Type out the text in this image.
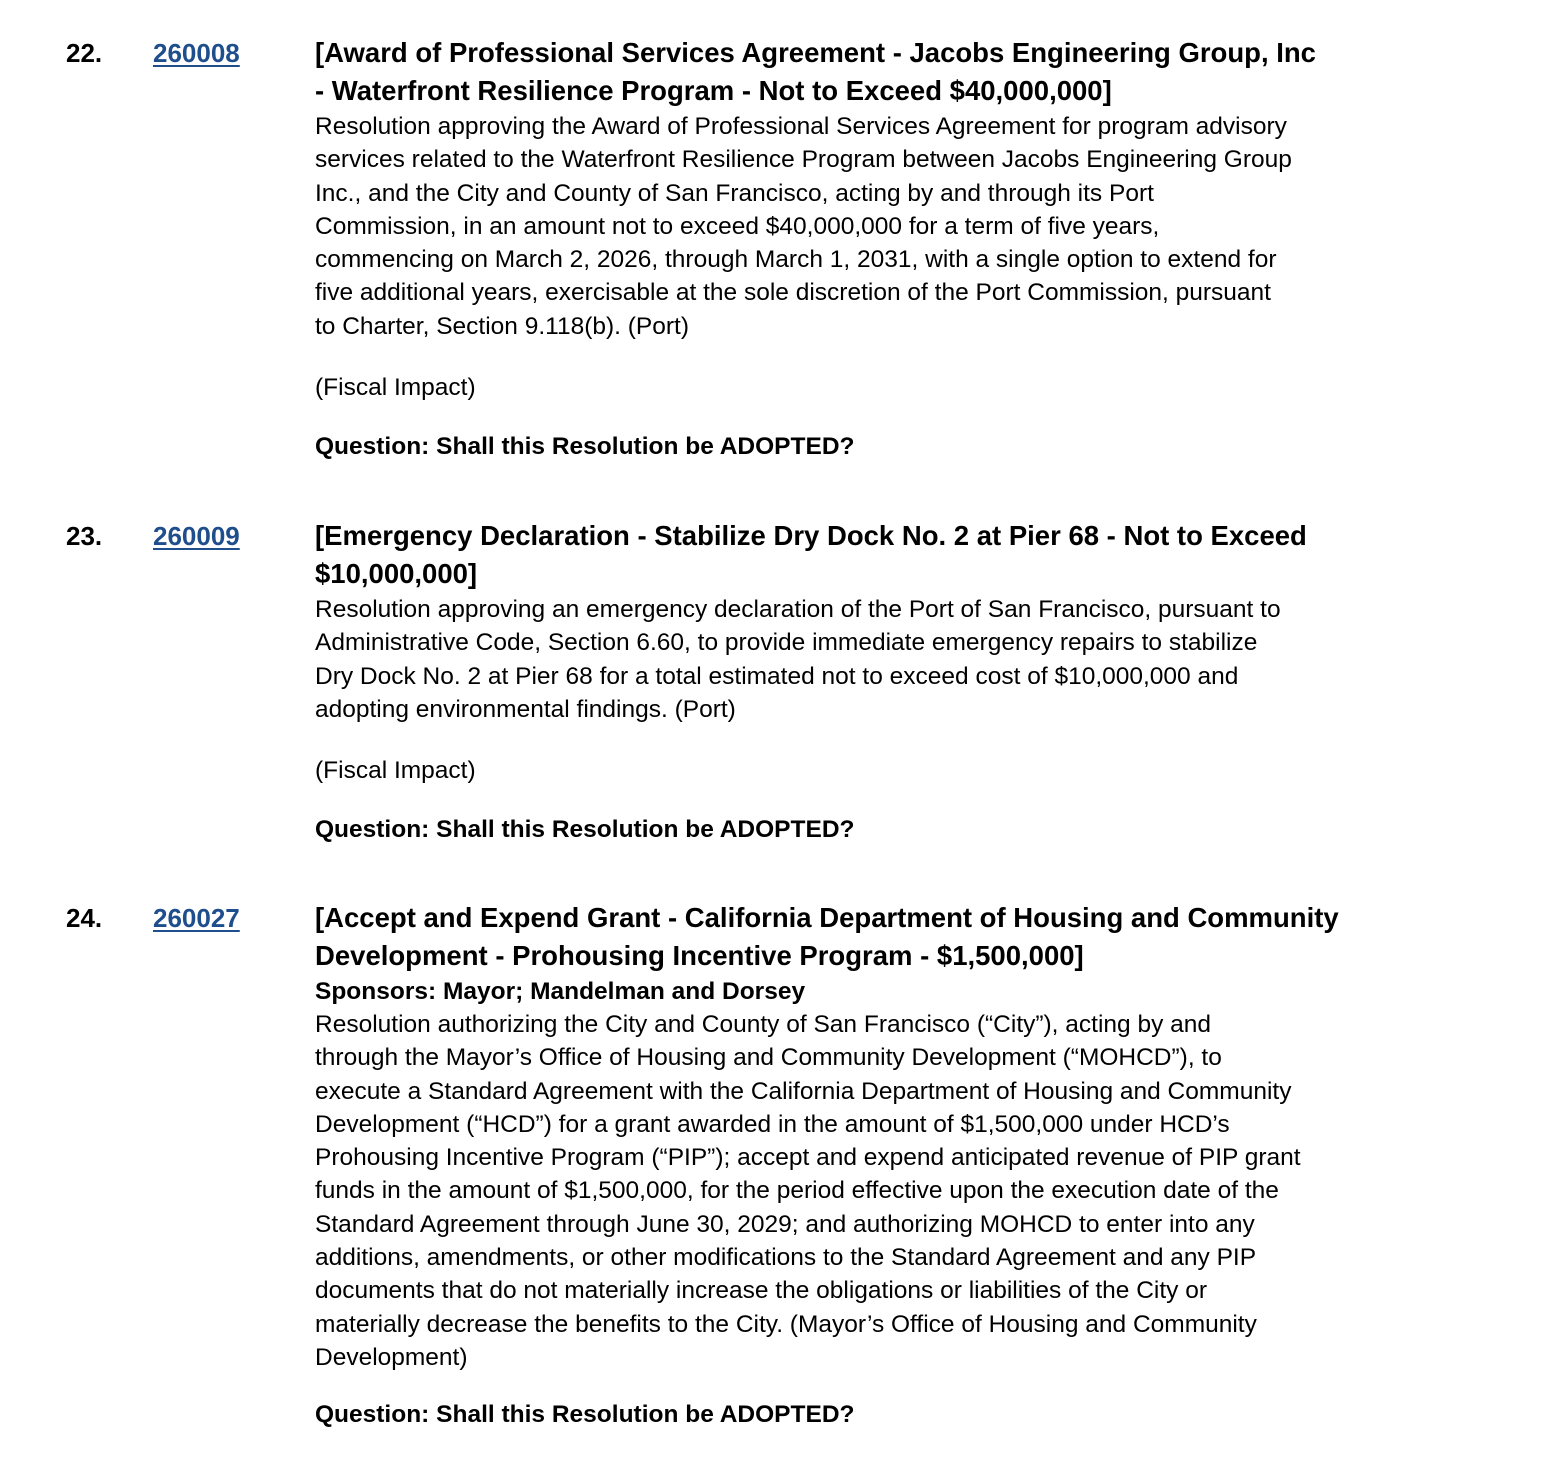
22. 260008	[Award of Professional Services Agreement - Jacobs Engineering Group, Inc
- Waterfront Resilience Program - Not to Exceed $40,000,000]
Resolution approving the Award of Professional Services Agreement for program advisory
services related to the Waterfront Resilience Program between Jacobs Engineering Group
Inc., and the City and County of San Francisco, acting by and through its Port
Commission, in an amount not to exceed $40,000,000 for a term of five years,
commencing on March 2, 2026, through March 1, 2031, with a single option to extend for
five additional years, exercisable at the sole discretion of the Port Commission, pursuant
to Charter, Section 9.118(b). (Port)

(Fiscal Impact)

Question: Shall this Resolution be ADOPTED?

23. 260009	[Emergency Declaration - Stabilize Dry Dock No. 2 at Pier 68 - Not to Exceed
$10,000,000]
Resolution approving an emergency declaration of the Port of San Francisco, pursuant to
Administrative Code, Section 6.60, to provide immediate emergency repairs to stabilize
Dry Dock No. 2 at Pier 68 for a total estimated not to exceed cost of $10,000,000 and
adopting environmental findings. (Port)

(Fiscal Impact)

Question: Shall this Resolution be ADOPTED?

24. 260027	[Accept and Expend Grant - California Department of Housing and Community
Development - Prohousing Incentive Program - $1,500,000]

Sponsors: Mayor; Mandelman and Dorsey

Resolution authorizing the City and County of San Francisco (“City”), acting by and
through the Mayor’s Office of Housing and Community Development (“MOHCD”), to
execute a Standard Agreement with the California Department of Housing and Community
Development (“HCD”) for a grant awarded in the amount of $1,500,000 under HCD’s
Prohousing Incentive Program (“PIP”); accept and expend anticipated revenue of PIP grant
funds in the amount of $1,500,000, for the period effective upon the execution date of the
Standard Agreement through June 30, 2029; and authorizing MOHCD to enter into any
additions, amendments, or other modifications to the Standard Agreement and any PIP
documents that do not materially increase the obligations or liabilities of the City or
materially decrease the benefits to the City. (Mayor’s Office of Housing and Community
Development)

Question: Shall this Resolution be ADOPTED?
